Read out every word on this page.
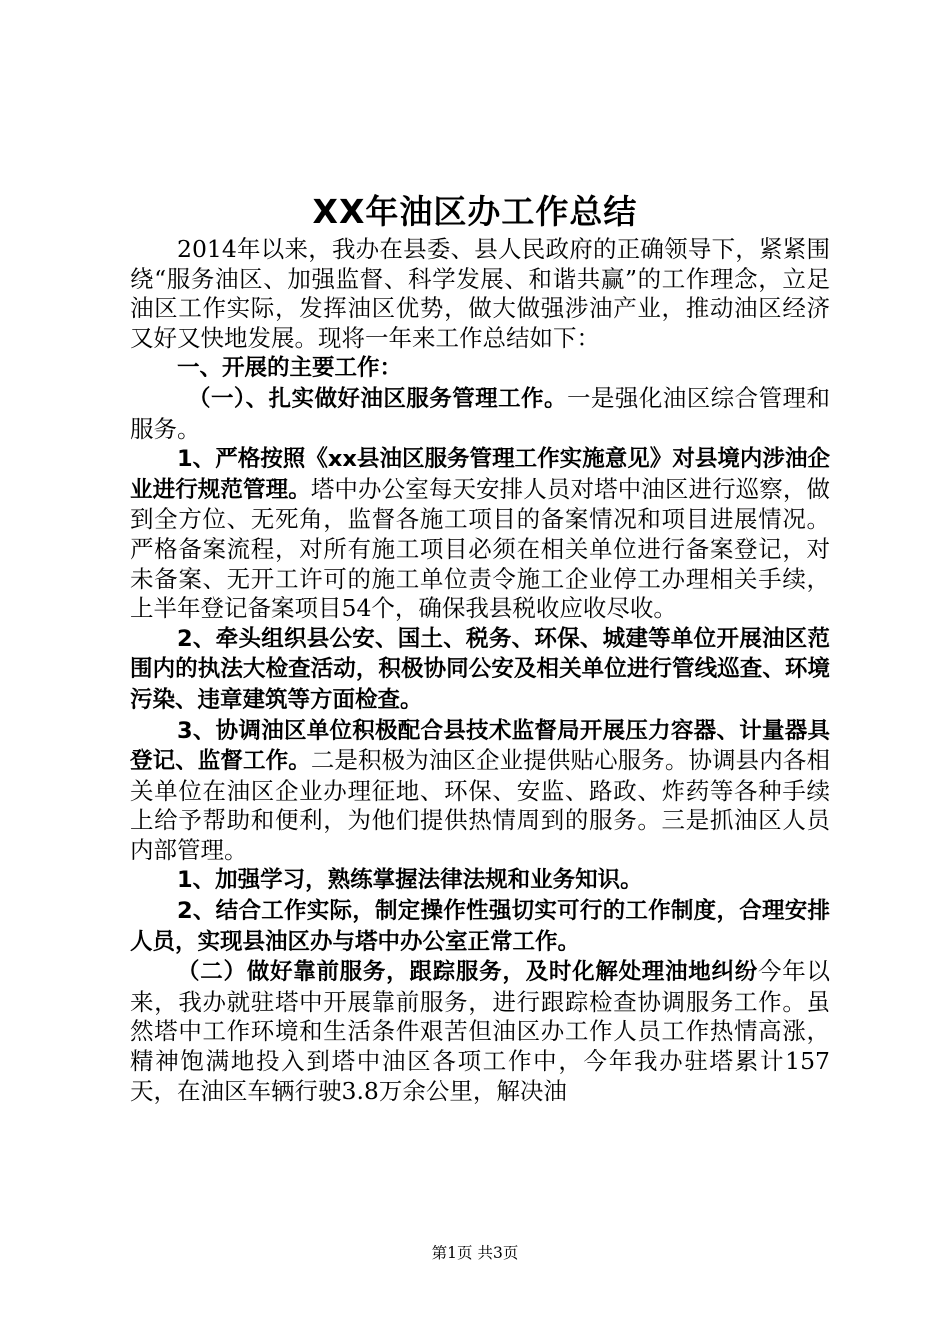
XX年油区办工作总结

2014年以来，我办在县委、县人民政府的正确领导下，紧紧围绕“服务油区、加强监督、科学发展、和谐共赢”的工作理念，立足油区工作实际，发挥油区优势，做大做强涉油产业，推动油区经济又好又快地发展。现将一年来工作总结如下：

一、开展的主要工作：

（一）、扎实做好油区服务管理工作。一是强化油区综合管理和服务。

1、严格按照《xx县油区服务管理工作实施意见》对县境内涉油企业进行规范管理。塔中办公室每天安排人员对塔中油区进行巡察，做到全方位、无死角，监督各施工项目的备案情况和项目进展情况。严格备案流程，对所有施工项目必须在相关单位进行备案登记，对未备案、无开工许可的施工单位责令施工企业停工办理相关手续，上半年登记备案项目54个，确保我县税收应收尽收。

2、牵头组织县公安、国土、税务、环保、城建等单位开展油区范围内的执法大检查活动，积极协同公安及相关单位进行管线巡查、环境污染、违章建筑等方面检查。

3、协调油区单位积极配合县技术监督局开展压力容器、计量器具登记、监督工作。二是积极为油区企业提供贴心服务。协调县内各相关单位在油区企业办理征地、环保、安监、路政、炸药等各种手续上给予帮助和便利，为他们提供热情周到的服务。三是抓油区人员内部管理。

1、加强学习，熟练掌握法律法规和业务知识。

2、结合工作实际，制定操作性强切实可行的工作制度，合理安排人员，实现县油区办与塔中办公室正常工作。

（二）做好靠前服务，跟踪服务，及时化解处理油地纠纷今年以来，我办就驻塔中开展靠前服务，进行跟踪检查协调服务工作。虽然塔中工作环境和生活条件艰苦但油区办工作人员工作热情高涨，精神饱满地投入到塔中油区各项工作中，今年我办驻塔累计157天，在油区车辆行驶3.8万余公里，解决油

第1页 共3页
